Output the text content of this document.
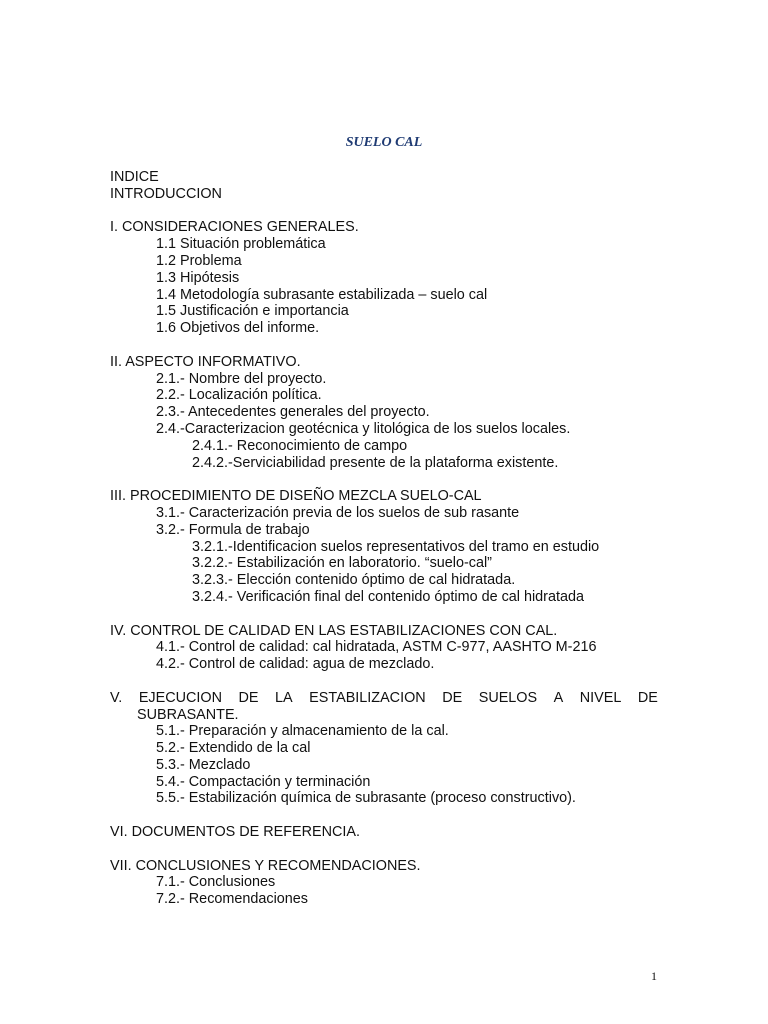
SUELO CAL
INDICE
INTRODUCCION
I. CONSIDERACIONES GENERALES.
1.1 Situación problemática
1.2 Problema
1.3 Hipótesis
1.4 Metodología subrasante estabilizada – suelo cal
1.5 Justificación e importancia
1.6 Objetivos del informe.
II. ASPECTO INFORMATIVO.
2.1.- Nombre del proyecto.
2.2.- Localización política.
2.3.- Antecedentes generales del proyecto.
2.4.-Caracterizacion geotécnica y litológica de los suelos locales.
2.4.1.- Reconocimiento de campo
2.4.2.-Serviciabilidad presente de la plataforma existente.
III. PROCEDIMIENTO DE DISEÑO MEZCLA SUELO-CAL
3.1.- Caracterización previa de los suelos de sub rasante
3.2.- Formula de trabajo
3.2.1.-Identificacion suelos representativos del tramo en estudio
3.2.2.- Estabilización en laboratorio. “suelo-cal”
3.2.3.- Elección contenido óptimo de cal hidratada.
3.2.4.- Verificación final del contenido óptimo de cal hidratada
IV. CONTROL DE CALIDAD EN LAS ESTABILIZACIONES CON CAL.
4.1.- Control de calidad: cal hidratada, ASTM C-977, AASHTO M-216
4.2.- Control de calidad: agua de mezclado.
V. EJECUCION DE LA ESTABILIZACION DE SUELOS A NIVEL DE
SUBRASANTE.
5.1.- Preparación y almacenamiento de la cal.
5.2.- Extendido de la cal
5.3.- Mezclado
5.4.- Compactación y terminación
5.5.- Estabilización química de subrasante (proceso constructivo).
VI. DOCUMENTOS DE REFERENCIA.
VII. CONCLUSIONES Y RECOMENDACIONES.
7.1.- Conclusiones
7.2.- Recomendaciones
1
